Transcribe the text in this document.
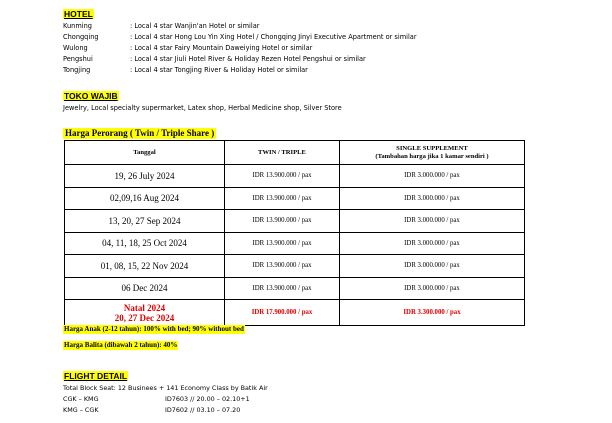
HOTEL
Kunming	: Local 4 star Wanjin'an Hotel or similar
Chongqing	: Local 4 star Hong Lou Yin Xing Hotel / Chongqing Jinyi Executive Apartment or similar
Wulong	: Local 4 star Fairy Mountain Daweiying Hotel or similar
Pengshui	: Local 4 star Jiuli Hotel River & Holiday Rezen Hotel Pengshui or similar
Tongjing	: Local 4 star Tongjing River & Holiday Hotel or similar
TOKO WAJIB
Jewelry, Local specialty supermarket, Latex shop, Herbal Medicine shop, Silver Store
Harga Perorang ( Twin / Triple Share )
Tanggal	TWIN / TRIPLE	SINGLE SUPPLEMENT
(Tambahan harga jika 1 kamar sendiri )

19, 26 July 2024	IDR 13.900.000 / pax	IDR 3.000.000 / pax
02,09,16 Aug 2024	IDR 13.900.000 / pax	IDR 3.000.000 / pax
13, 20, 27 Sep 2024	IDR 13.900.000 / pax	IDR 3.000.000 / pax
04, 11, 18, 25 Oct 2024	IDR 13.900.000 / pax	IDR 3.000.000 / pax
01, 08, 15, 22 Nov 2024	IDR 13.900.000 / pax	IDR 3.000.000 / pax
06 Dec 2024	IDR 13.900.000 / pax	IDR 3.000.000 / pax

Natal 2024
20, 27 Dec 2024	IDR 17.900.000 / pax	IDR 3.300.000 / pax
Harga Anak (2-12 tahun): 100% with bed; 90% without bed
Harga Balita (dibawah 2 tahun): 40%
FLIGHT DETAIL
Total Block Seat: 12 Businees + 141 Economy Class by Batik Air
CGK – KMG	ID7603 // 20.00 – 02.10+1
KMG – CGK	ID7602 // 03.10 – 07.20
